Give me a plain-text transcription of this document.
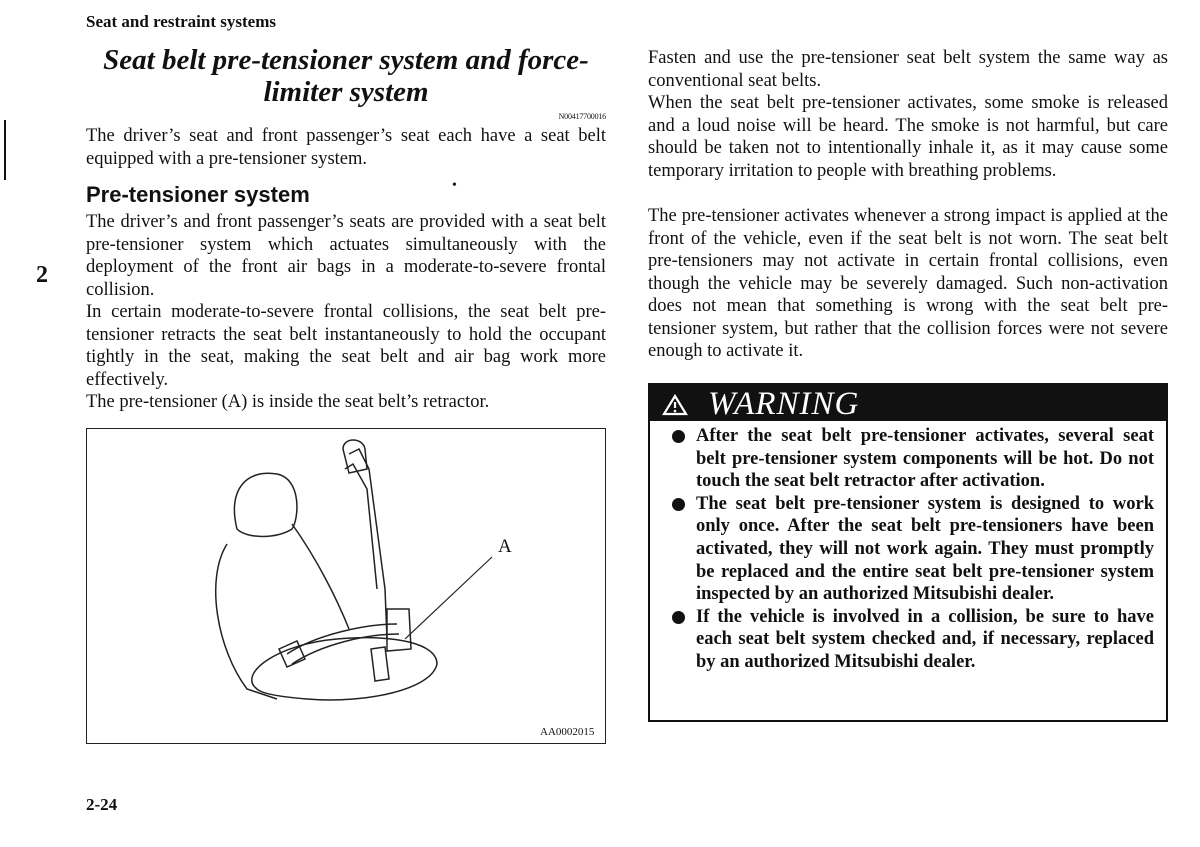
Seat and restraint systems
2
2-24
Seat belt pre-tensioner system and force-limiter system
N00417700016

The driver’s seat and front passenger’s seat each have a seat belt equipped with a pre-tensioner system.

Pre-tensioner system	•

The driver’s and front passenger’s seats are provided with a seat belt pre-tensioner system which actuates simultaneously with the deployment of the front air bags in a moderate-to-severe frontal collision.

In certain moderate-to-severe frontal collisions, the seat belt pre-tensioner retracts the seat belt instantaneously to hold the occupant tightly in the seat, making the seat belt and air bag work more effectively.

The pre-tensioner (A) is inside the seat belt’s retractor.

A
AA0002015

Fasten and use the pre-tensioner seat belt system the same way as conventional seat belts.

When the seat belt pre-tensioner activates, some smoke is released and a loud noise will be heard. The smoke is not harmful, but care should be taken not to intentionally inhale it, as it may cause some temporary irritation to people with breathing problems.

The pre-tensioner activates whenever a strong impact is applied at the front of the vehicle, even if the seat belt is not worn. The seat belt pre-tensioners may not activate in certain frontal collisions, even though the vehicle may be severely damaged. Such non-activation does not mean that something is wrong with the seat belt pre-tensioner system, but rather that the collision forces were not severe enough to activate it.

WARNING
After the seat belt pre-tensioner activates, several seat belt pre-tensioner system components will be hot. Do not touch the seat belt retractor after activation.
The seat belt pre-tensioner system is designed to work only once. After the seat belt pre-tensioners have been activated, they will not work again. They must promptly be replaced and the entire seat belt pre-tensioner system inspected by an authorized Mitsubishi dealer.
If the vehicle is involved in a collision, be sure to have each seat belt system checked and, if necessary, replaced by an authorized Mitsubishi dealer.
